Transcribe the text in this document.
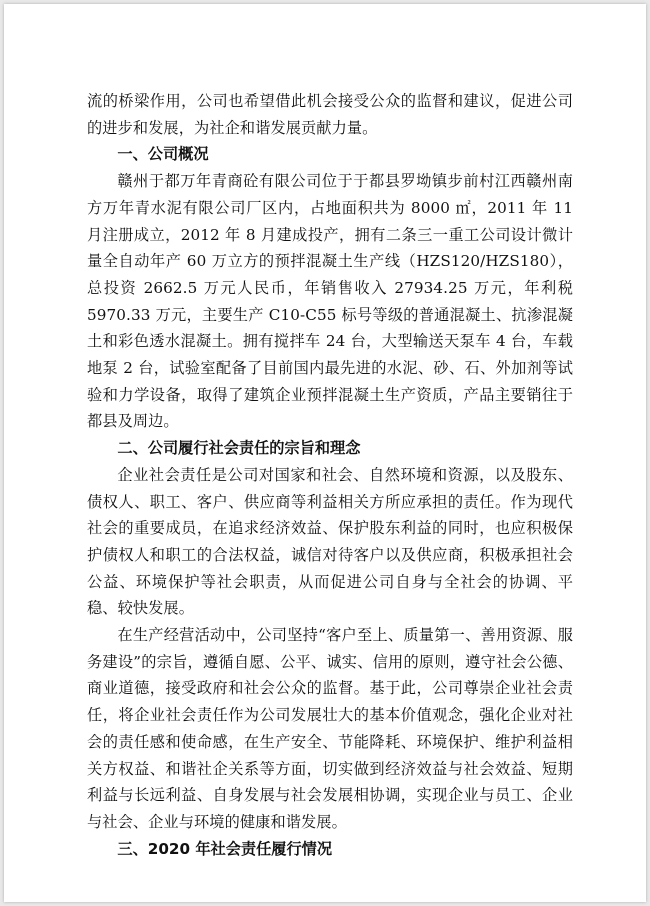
流的桥梁作用，公司也希望借此机会接受公众的监督和建议，促进公司的进步和发展，为社企和谐发展贡献力量。

一、公司概况

赣州于都万年青商砼有限公司位于于都县罗坳镇步前村江西赣州南方万年青水泥有限公司厂区内，占地面积共为 8000 ㎡，2011 年 11 月注册成立，2012 年 8 月建成投产，拥有二条三一重工公司设计微计量全自动年产 60 万立方的预拌混凝土生产线（HZS120/HZS180），总投资 2662.5 万元人民币，年销售收入 27934.25 万元，年利税 5970.33 万元，主要生产 C10-C55 标号等级的普通混凝土、抗渗混凝土和彩色透水混凝土。拥有搅拌车 24 台，大型输送天泵车 4 台，车载地泵 2 台，试验室配备了目前国内最先进的水泥、砂、石、外加剂等试验和力学设备，取得了建筑企业预拌混凝土生产资质，产品主要销往于都县及周边。

二、公司履行社会责任的宗旨和理念

企业社会责任是公司对国家和社会、自然环境和资源，以及股东、债权人、职工、客户、供应商等利益相关方所应承担的责任。作为现代社会的重要成员，在追求经济效益、保护股东利益的同时，也应积极保护债权人和职工的合法权益，诚信对待客户以及供应商，积极承担社会公益、环境保护等社会职责，从而促进公司自身与全社会的协调、平稳、较快发展。

在生产经营活动中，公司坚持“客户至上、质量第一、善用资源、服务建设”的宗旨，遵循自愿、公平、诚实、信用的原则，遵守社会公德、商业道德，接受政府和社会公众的监督。基于此，公司尊崇企业社会责任，将企业社会责任作为公司发展壮大的基本价值观念，强化企业对社会的责任感和使命感，在生产安全、节能降耗、环境保护、维护利益相关方权益、和谐社企关系等方面，切实做到经济效益与社会效益、短期利益与长远利益、自身发展与社会发展相协调，实现企业与员工、企业与社会、企业与环境的健康和谐发展。

三、2020 年社会责任履行情况
